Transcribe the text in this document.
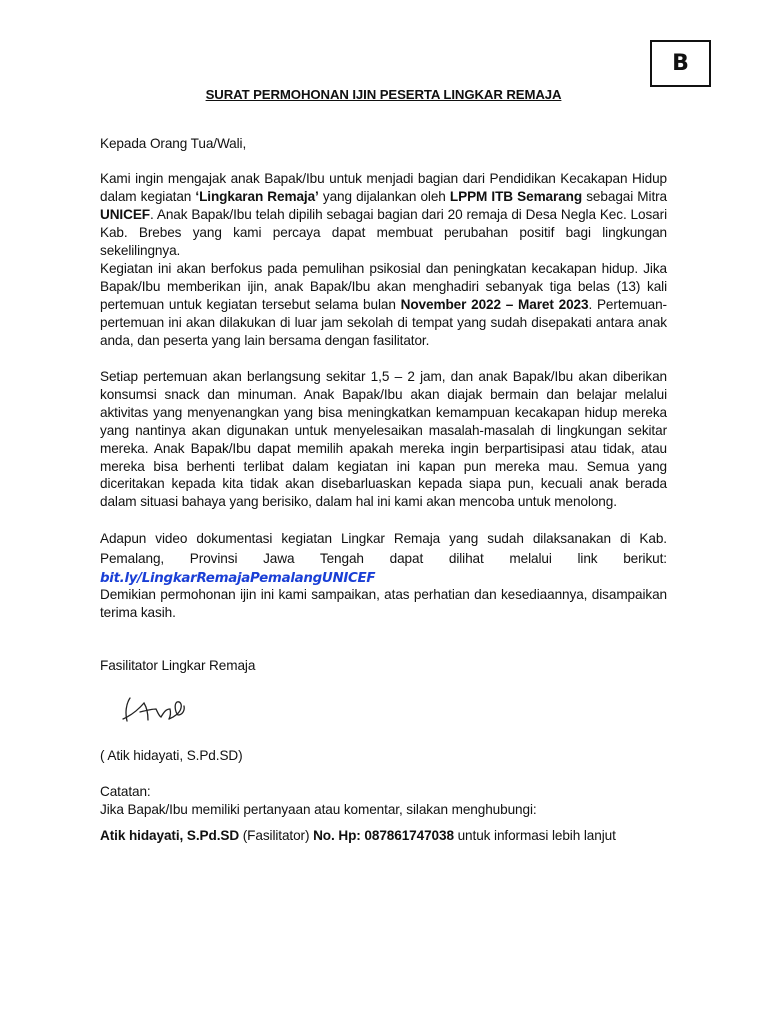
B
SURAT PERMOHONAN IJIN PESERTA LINGKAR REMAJA

Kepada Orang Tua/Wali,

Kami ingin mengajak anak Bapak/Ibu untuk menjadi bagian dari Pendidikan Kecakapan Hidup dalam kegiatan ‘Lingkaran Remaja’ yang dijalankan oleh LPPM ITB Semarang sebagai Mitra UNICEF. Anak Bapak/Ibu telah dipilih sebagai bagian dari 20 remaja di Desa Negla Kec. Losari Kab. Brebes yang kami percaya dapat membuat perubahan positif bagi lingkungan sekelilingnya.

Kegiatan ini akan berfokus pada pemulihan psikosial dan peningkatan kecakapan hidup. Jika Bapak/Ibu memberikan ijin, anak Bapak/Ibu akan menghadiri sebanyak tiga belas (13) kali pertemuan untuk kegiatan tersebut selama bulan November 2022 – Maret 2023. Pertemuan-pertemuan ini akan dilakukan di luar jam sekolah di tempat yang sudah disepakati antara anak anda, dan peserta yang lain bersama dengan fasilitator.

Setiap pertemuan akan berlangsung sekitar 1,5 – 2 jam, dan anak Bapak/Ibu akan diberikan konsumsi snack dan minuman. Anak Bapak/Ibu akan diajak bermain dan belajar melalui aktivitas yang menyenangkan yang bisa meningkatkan kemampuan kecakapan hidup mereka yang nantinya akan digunakan untuk menyelesaikan masalah-masalah di lingkungan sekitar mereka. Anak Bapak/Ibu dapat memilih apakah mereka ingin berpartisipasi atau tidak, atau mereka bisa berhenti terlibat dalam kegiatan ini kapan pun mereka mau. Semua yang diceritakan kepada kita tidak akan disebarluaskan kepada siapa pun, kecuali anak berada dalam situasi bahaya yang berisiko, dalam hal ini kami akan mencoba untuk menolong.

Adapun video dokumentasi kegiatan Lingkar Remaja yang sudah dilaksanakan di Kab. Pemalang, Provinsi Jawa Tengah dapat dilihat melalui link berikut: bit.ly/LingkarRemajaPemalangUNICEF

Demikian permohonan ijin ini kami sampaikan, atas perhatian dan kesediaannya, disampaikan terima kasih.

Fasilitator Lingkar Remaja

( Atik hidayati, S.Pd.SD)

Catatan:

Jika Bapak/Ibu memiliki pertanyaan atau komentar, silakan menghubungi:

Atik hidayati, S.Pd.SD (Fasilitator) No. Hp: 087861747038 untuk informasi lebih lanjut
